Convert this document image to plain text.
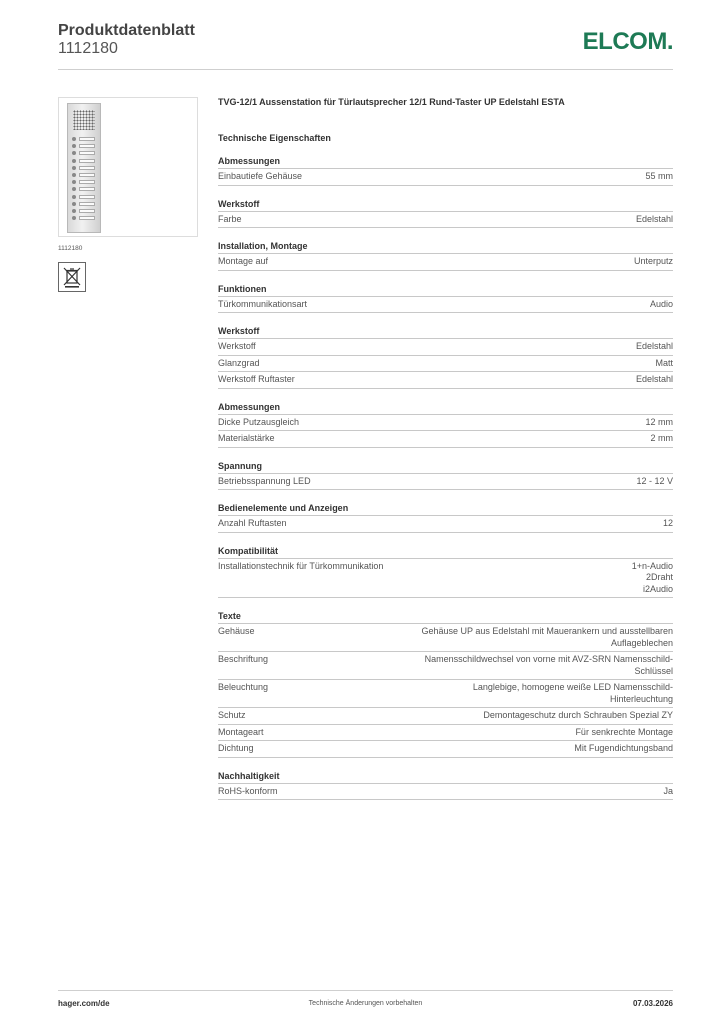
Produktdatenblatt
1112180	ELCOM.
1112180
TVG-12/1 Aussenstation für Türlautsprecher 12/1 Rund-Taster UP Edelstahl ESTA
Technische Eigenschaften
Abmessungen
Einbautiefe Gehäuse	55 mm
Werkstoff
Farbe	Edelstahl
Installation, Montage
Montage auf	Unterputz
Funktionen
Türkommunikationsart	Audio
Werkstoff
Werkstoff	Edelstahl
Glanzgrad	Matt
Werkstoff Ruftaster	Edelstahl
Abmessungen
Dicke Putzausgleich	12 mm
Materialstärke	2 mm
Spannung
Betriebsspannung LED	12 - 12 V
Bedienelemente und Anzeigen
Anzahl Ruftasten	12
Kompatibilität
Installationstechnik für Türkommunikation	1+n-Audio
2Draht
i2Audio
Texte
Gehäuse	Gehäuse UP aus Edelstahl mit Mauerankern und ausstellbaren Auflageblechen
Beschriftung	Namensschildwechsel von vorne mit AVZ-SRN Namensschild-Schlüssel
Beleuchtung	Langlebige, homogene weiße LED Namensschild-Hinterleuchtung
Schutz	Demontageschutz durch Schrauben Spezial ZY
Montageart	Für senkrechte Montage
Dichtung	Mit Fugendichtungsband
Nachhaltigkeit
RoHS-konform	Ja
hager.com/de	Technische Änderungen vorbehalten	07.03.2026
